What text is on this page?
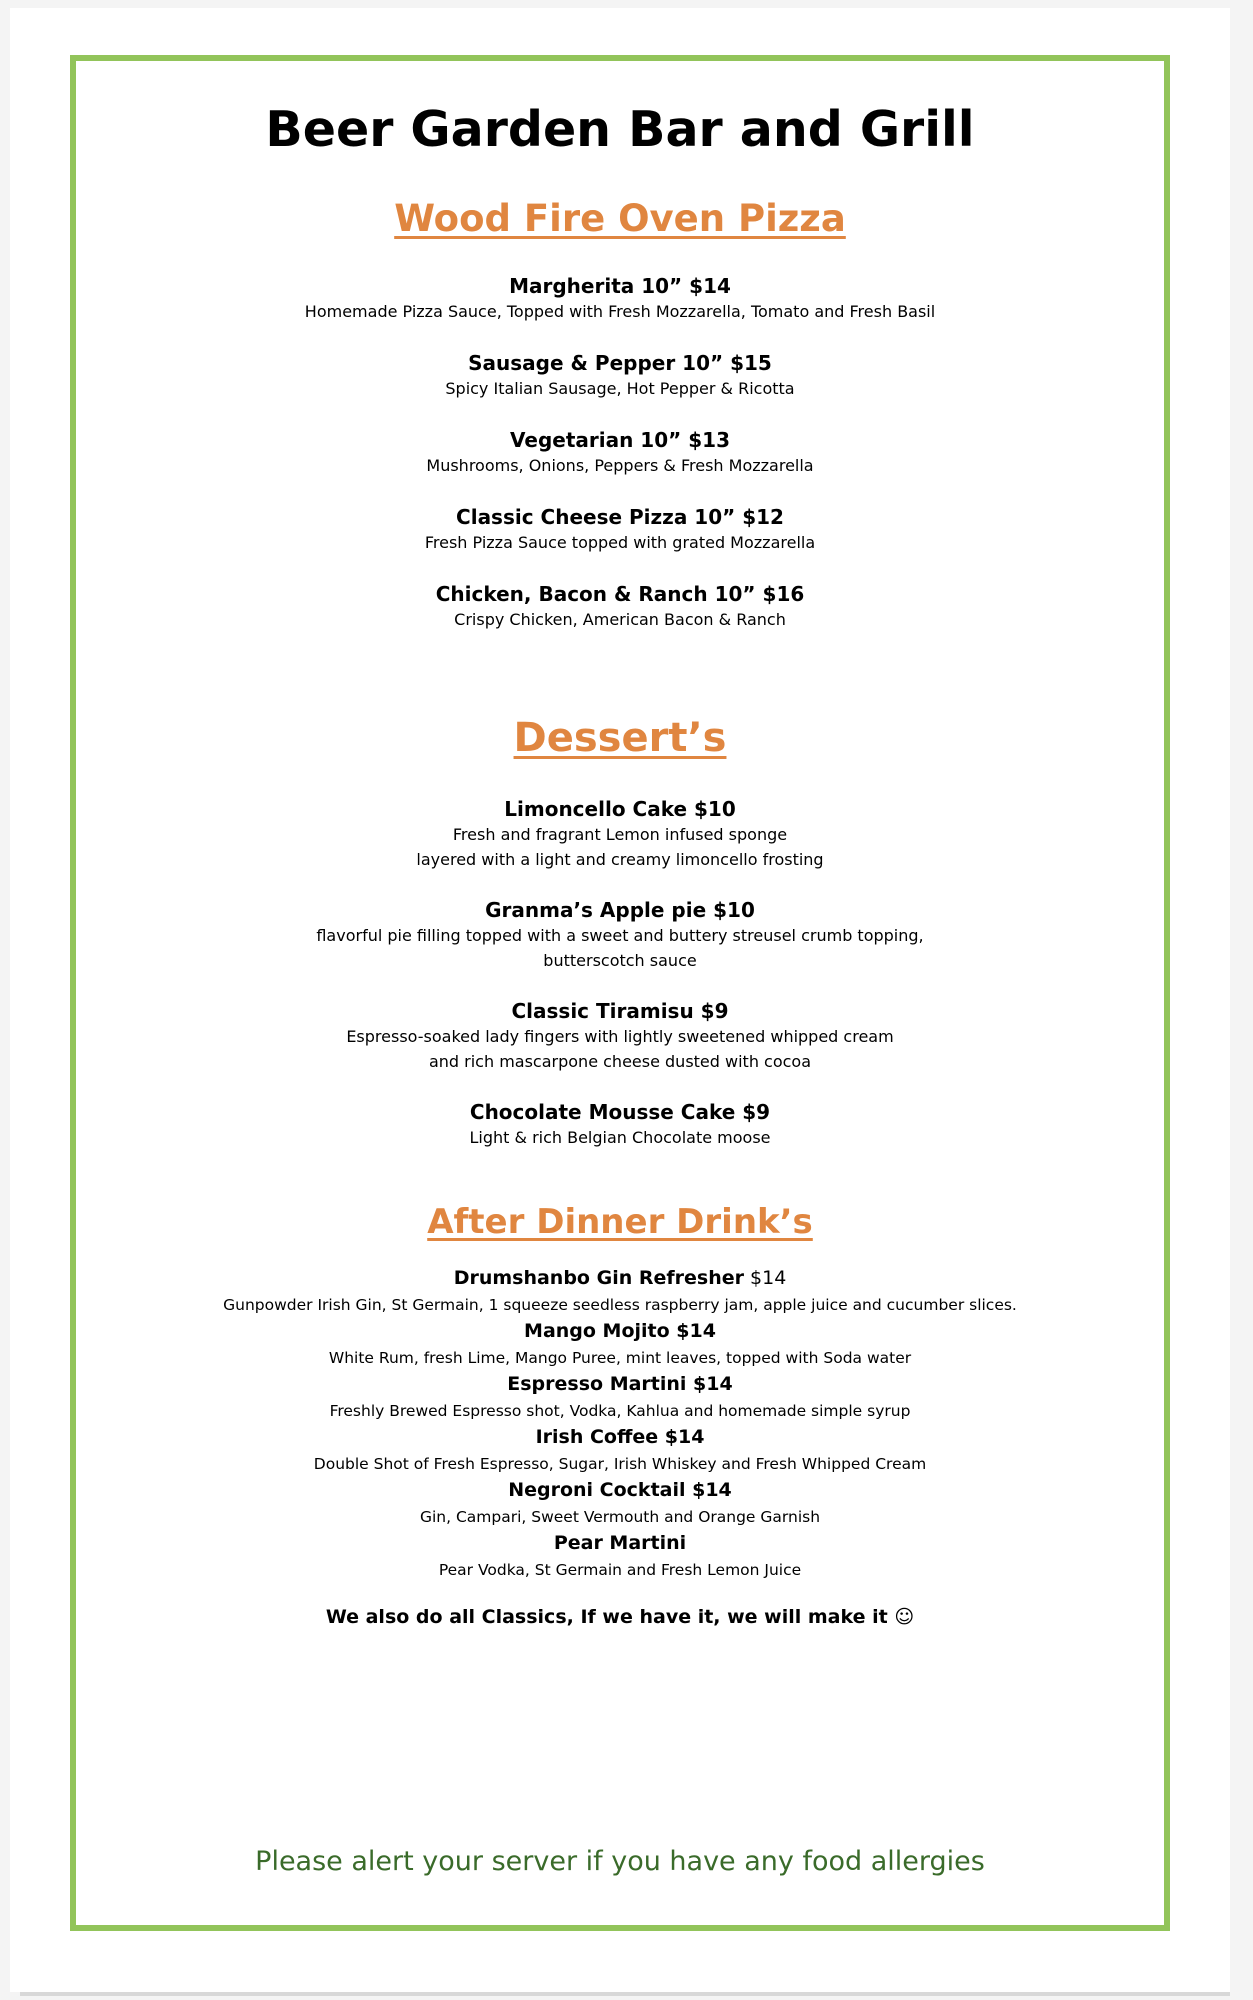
Beer Garden Bar and Grill
Wood Fire Oven Pizza

Margherita 10” $14

Homemade Pizza Sauce, Topped with Fresh Mozzarella, Tomato and Fresh Basil

Sausage & Pepper 10” $15

Spicy Italian Sausage, Hot Pepper & Ricotta

Vegetarian 10” $13

Mushrooms, Onions, Peppers & Fresh Mozzarella

Classic Cheese Pizza 10” $12

Fresh Pizza Sauce topped with grated Mozzarella

Chicken, Bacon & Ranch 10” $16

Crispy Chicken, American Bacon & Ranch

Dessert’s

Limoncello Cake $10

Fresh and fragrant Lemon infused sponge

layered with a light and creamy limoncello frosting

Granma’s Apple pie $10

flavorful pie filling topped with a sweet and buttery streusel crumb topping,

butterscotch sauce

Classic Tiramisu $9

Espresso-soaked lady fingers with lightly sweetened whipped cream

and rich mascarpone cheese dusted with cocoa

Chocolate Mousse Cake $9

Light & rich Belgian Chocolate moose

After Dinner Drink’s

Drumshanbo Gin Refresher $14

Gunpowder Irish Gin, St Germain, 1 squeeze seedless raspberry jam, apple juice and cucumber slices.

Mango Mojito $14

White Rum, fresh Lime, Mango Puree, mint leaves, topped with Soda water

Espresso Martini $14

Freshly Brewed Espresso shot, Vodka, Kahlua and homemade simple syrup

Irish Coffee $14

Double Shot of Fresh Espresso, Sugar, Irish Whiskey and Fresh Whipped Cream

Negroni Cocktail $14

Gin, Campari, Sweet Vermouth and Orange Garnish

Pear Martini

Pear Vodka, St Germain and Fresh Lemon Juice

We also do all Classics, If we have it, we will make it ☺

Please alert your server if you have any food allergies
